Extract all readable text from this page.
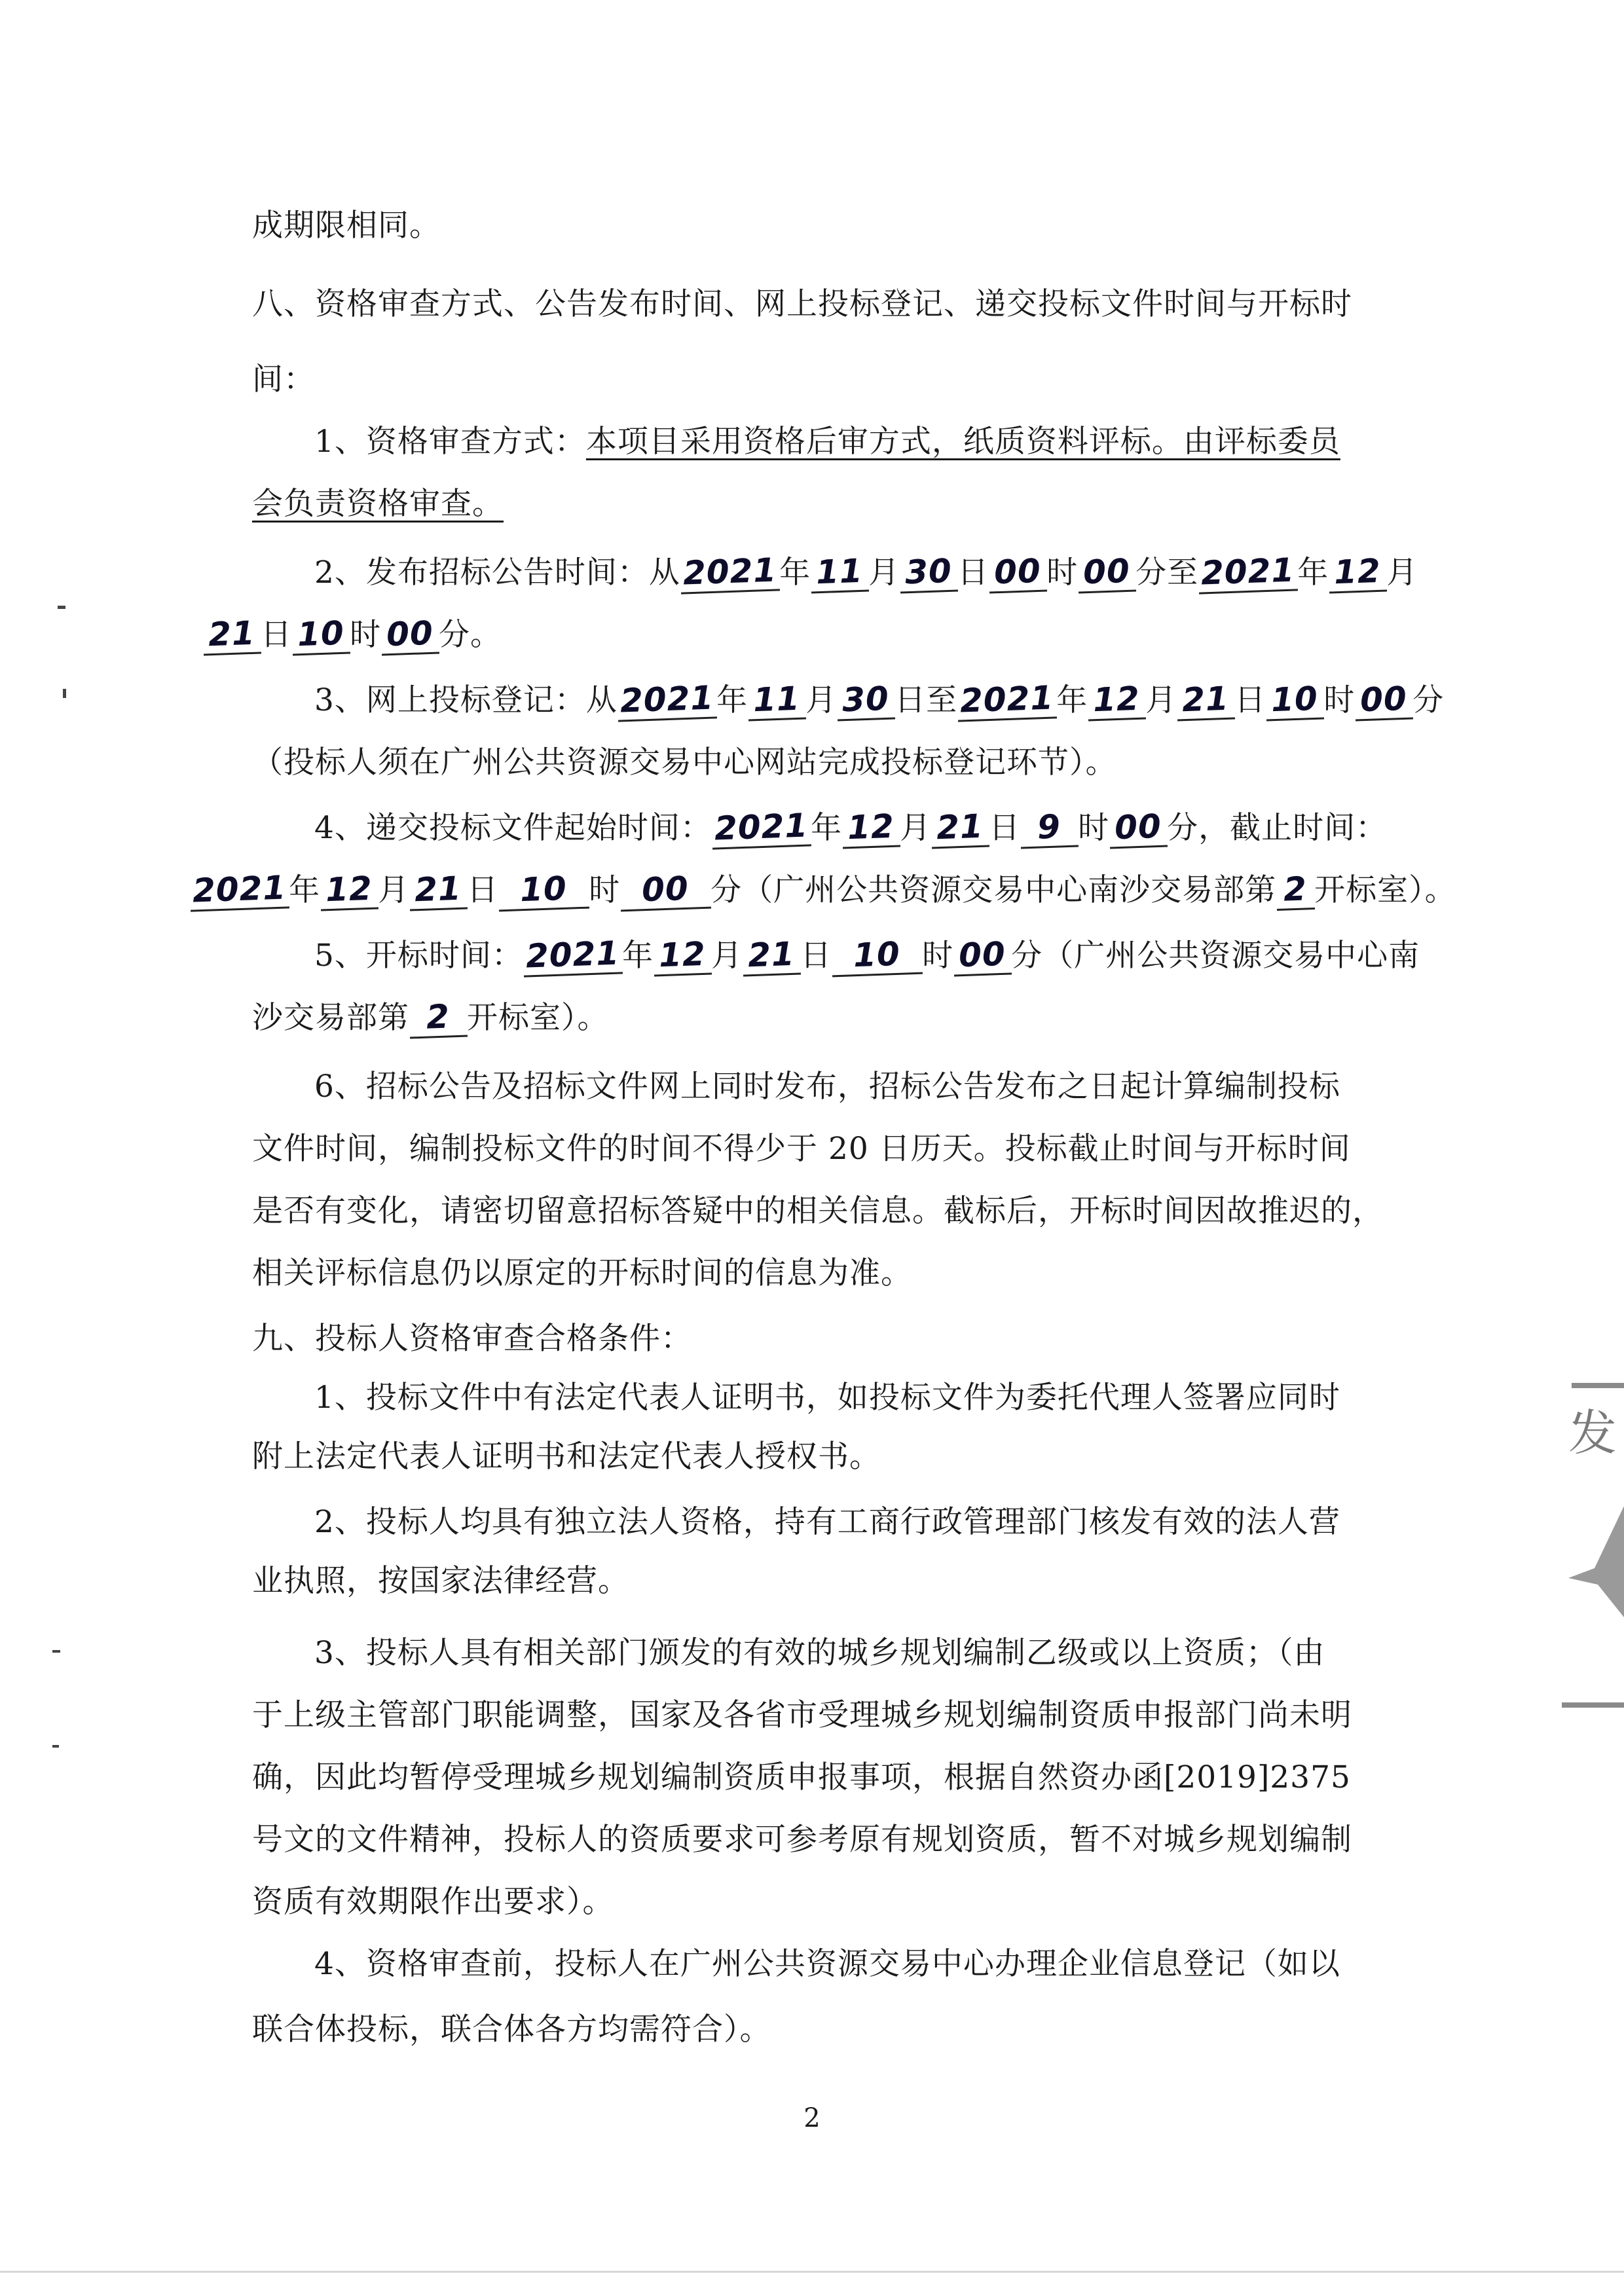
成期限相同。
八、资格审查方式、公告发布时间、网上投标登记、递交投标文件时间与开标时
间：
1、资格审查方式：本项目采用资格后审方式，纸质资料评标。由评标委员
会负责资格审查。
2、发布招标公告时间：从2021年 11 月 30 日 00 时 00 分至2021年 12 月
21 日 10 时 00 分。
3、网上投标登记：从2021年 11 月 30 日至2021年 12 月 21 日 10 时 00 分
（投标人须在广州公共资源交易中心网站完成投标登记环节）。
4、递交投标文件起始时间：2021年 12 月 21 日 9 时 00 分，截止时间：
2021年 12 月 21 日 10 时 00 分（广州公共资源交易中心南沙交易部第 2 开标室）。
5、开标时间：2021年 12 月 21 日 10 时 00 分（广州公共资源交易中心南
沙交易部第 2 开标室）。
6、招标公告及招标文件网上同时发布，招标公告发布之日起计算编制投标
文件时间，编制投标文件的时间不得少于 20 日历天。投标截止时间与开标时间
是否有变化，请密切留意招标答疑中的相关信息。截标后，开标时间因故推迟的，
相关评标信息仍以原定的开标时间的信息为准。
九、投标人资格审查合格条件：
1、投标文件中有法定代表人证明书，如投标文件为委托代理人签署应同时
附上法定代表人证明书和法定代表人授权书。
2、投标人均具有独立法人资格，持有工商行政管理部门核发有效的法人营
业执照，按国家法律经营。
3、投标人具有相关部门颁发的有效的城乡规划编制乙级或以上资质；（由
于上级主管部门职能调整，国家及各省市受理城乡规划编制资质申报部门尚未明
确，因此均暂停受理城乡规划编制资质申报事项，根据自然资办函[2019]2375
号文的文件精神，投标人的资质要求可参考原有规划资质，暂不对城乡规划编制
资质有效期限作出要求）。
4、资格审查前，投标人在广州公共资源交易中心办理企业信息登记（如以
联合体投标，联合体各方均需符合）。
2
发
